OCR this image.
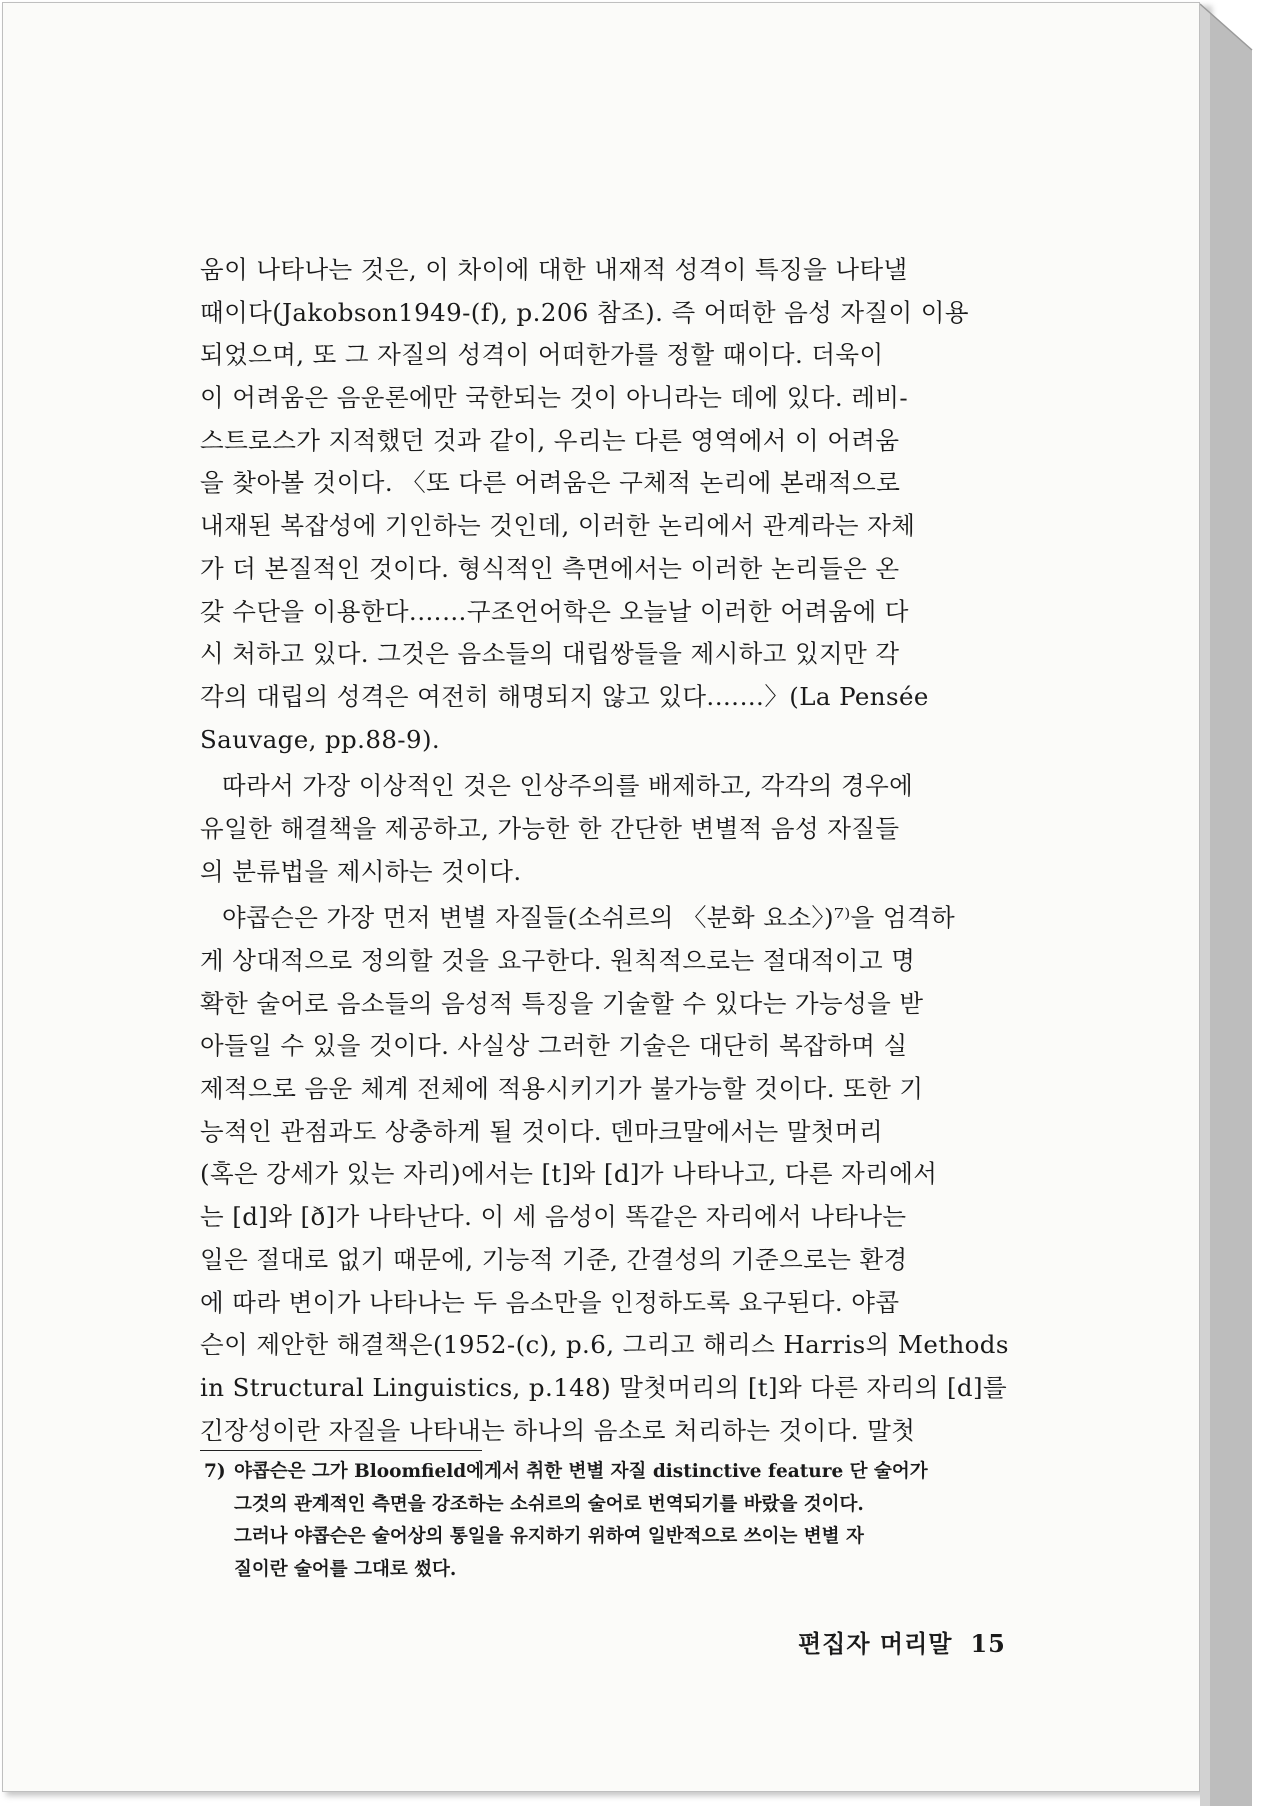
움이 나타나는 것은, 이 차이에 대한 내재적 성격이 특징을 나타낼
때이다(Jakobson1949-(f), p.206 참조). 즉 어떠한 음성 자질이 이용
되었으며, 또 그 자질의 성격이 어떠한가를 정할 때이다. 더욱이
이 어려움은 음운론에만 국한되는 것이 아니라는 데에 있다. 레비-
스트로스가 지적했던 것과 같이, 우리는 다른 영역에서 이 어려움
을 찾아볼 것이다. 〈또 다른 어려움은 구체적 논리에 본래적으로
내재된 복잡성에 기인하는 것인데, 이러한 논리에서 관계라는 자체
가 더 본질적인 것이다. 형식적인 측면에서는 이러한 논리들은 온
갖 수단을 이용한다.……구조언어학은 오늘날 이러한 어려움에 다
시 처하고 있다. 그것은 음소들의 대립쌍들을 제시하고 있지만 각
각의 대립의 성격은 여전히 해명되지 않고 있다.……〉(La Pensée
Sauvage, pp.88-9).
따라서 가장 이상적인 것은 인상주의를 배제하고, 각각의 경우에
유일한 해결책을 제공하고, 가능한 한 간단한 변별적 음성 자질들
의 분류법을 제시하는 것이다.
야콥슨은 가장 먼저 변별 자질들(소쉬르의 〈분화 요소〉)⁷⁾을 엄격하
게 상대적으로 정의할 것을 요구한다. 원칙적으로는 절대적이고 명
확한 술어로 음소들의 음성적 특징을 기술할 수 있다는 가능성을 받
아들일 수 있을 것이다. 사실상 그러한 기술은 대단히 복잡하며 실
제적으로 음운 체계 전체에 적용시키기가 불가능할 것이다. 또한 기
능적인 관점과도 상충하게 될 것이다. 덴마크말에서는 말첫머리
(혹은 강세가 있는 자리)에서는 [t]와 [d]가 나타나고, 다른 자리에서
는 [d]와 [ð]가 나타난다. 이 세 음성이 똑같은 자리에서 나타나는
일은 절대로 없기 때문에, 기능적 기준, 간결성의 기준으로는 환경
에 따라 변이가 나타나는 두 음소만을 인정하도록 요구된다. 야콥
슨이 제안한 해결책은(1952-(c), p.6, 그리고 해리스 Harris의 Methods
in Structural Linguistics, p.148) 말첫머리의 [t]와 다른 자리의 [d]를
긴장성이란 자질을 나타내는 하나의 음소로 처리하는 것이다. 말첫
7) 야콥슨은 그가 Bloomfield에게서 취한 변별 자질 distinctive feature 단 술어가
그것의 관계적인 측면을 강조하는 소쉬르의 술어로 번역되기를 바랐을 것이다.
그러나 야콥슨은 술어상의 통일을 유지하기 위하여 일반적으로 쓰이는 변별 자
질이란 술어를 그대로 썼다.
편집자 머리말 15
